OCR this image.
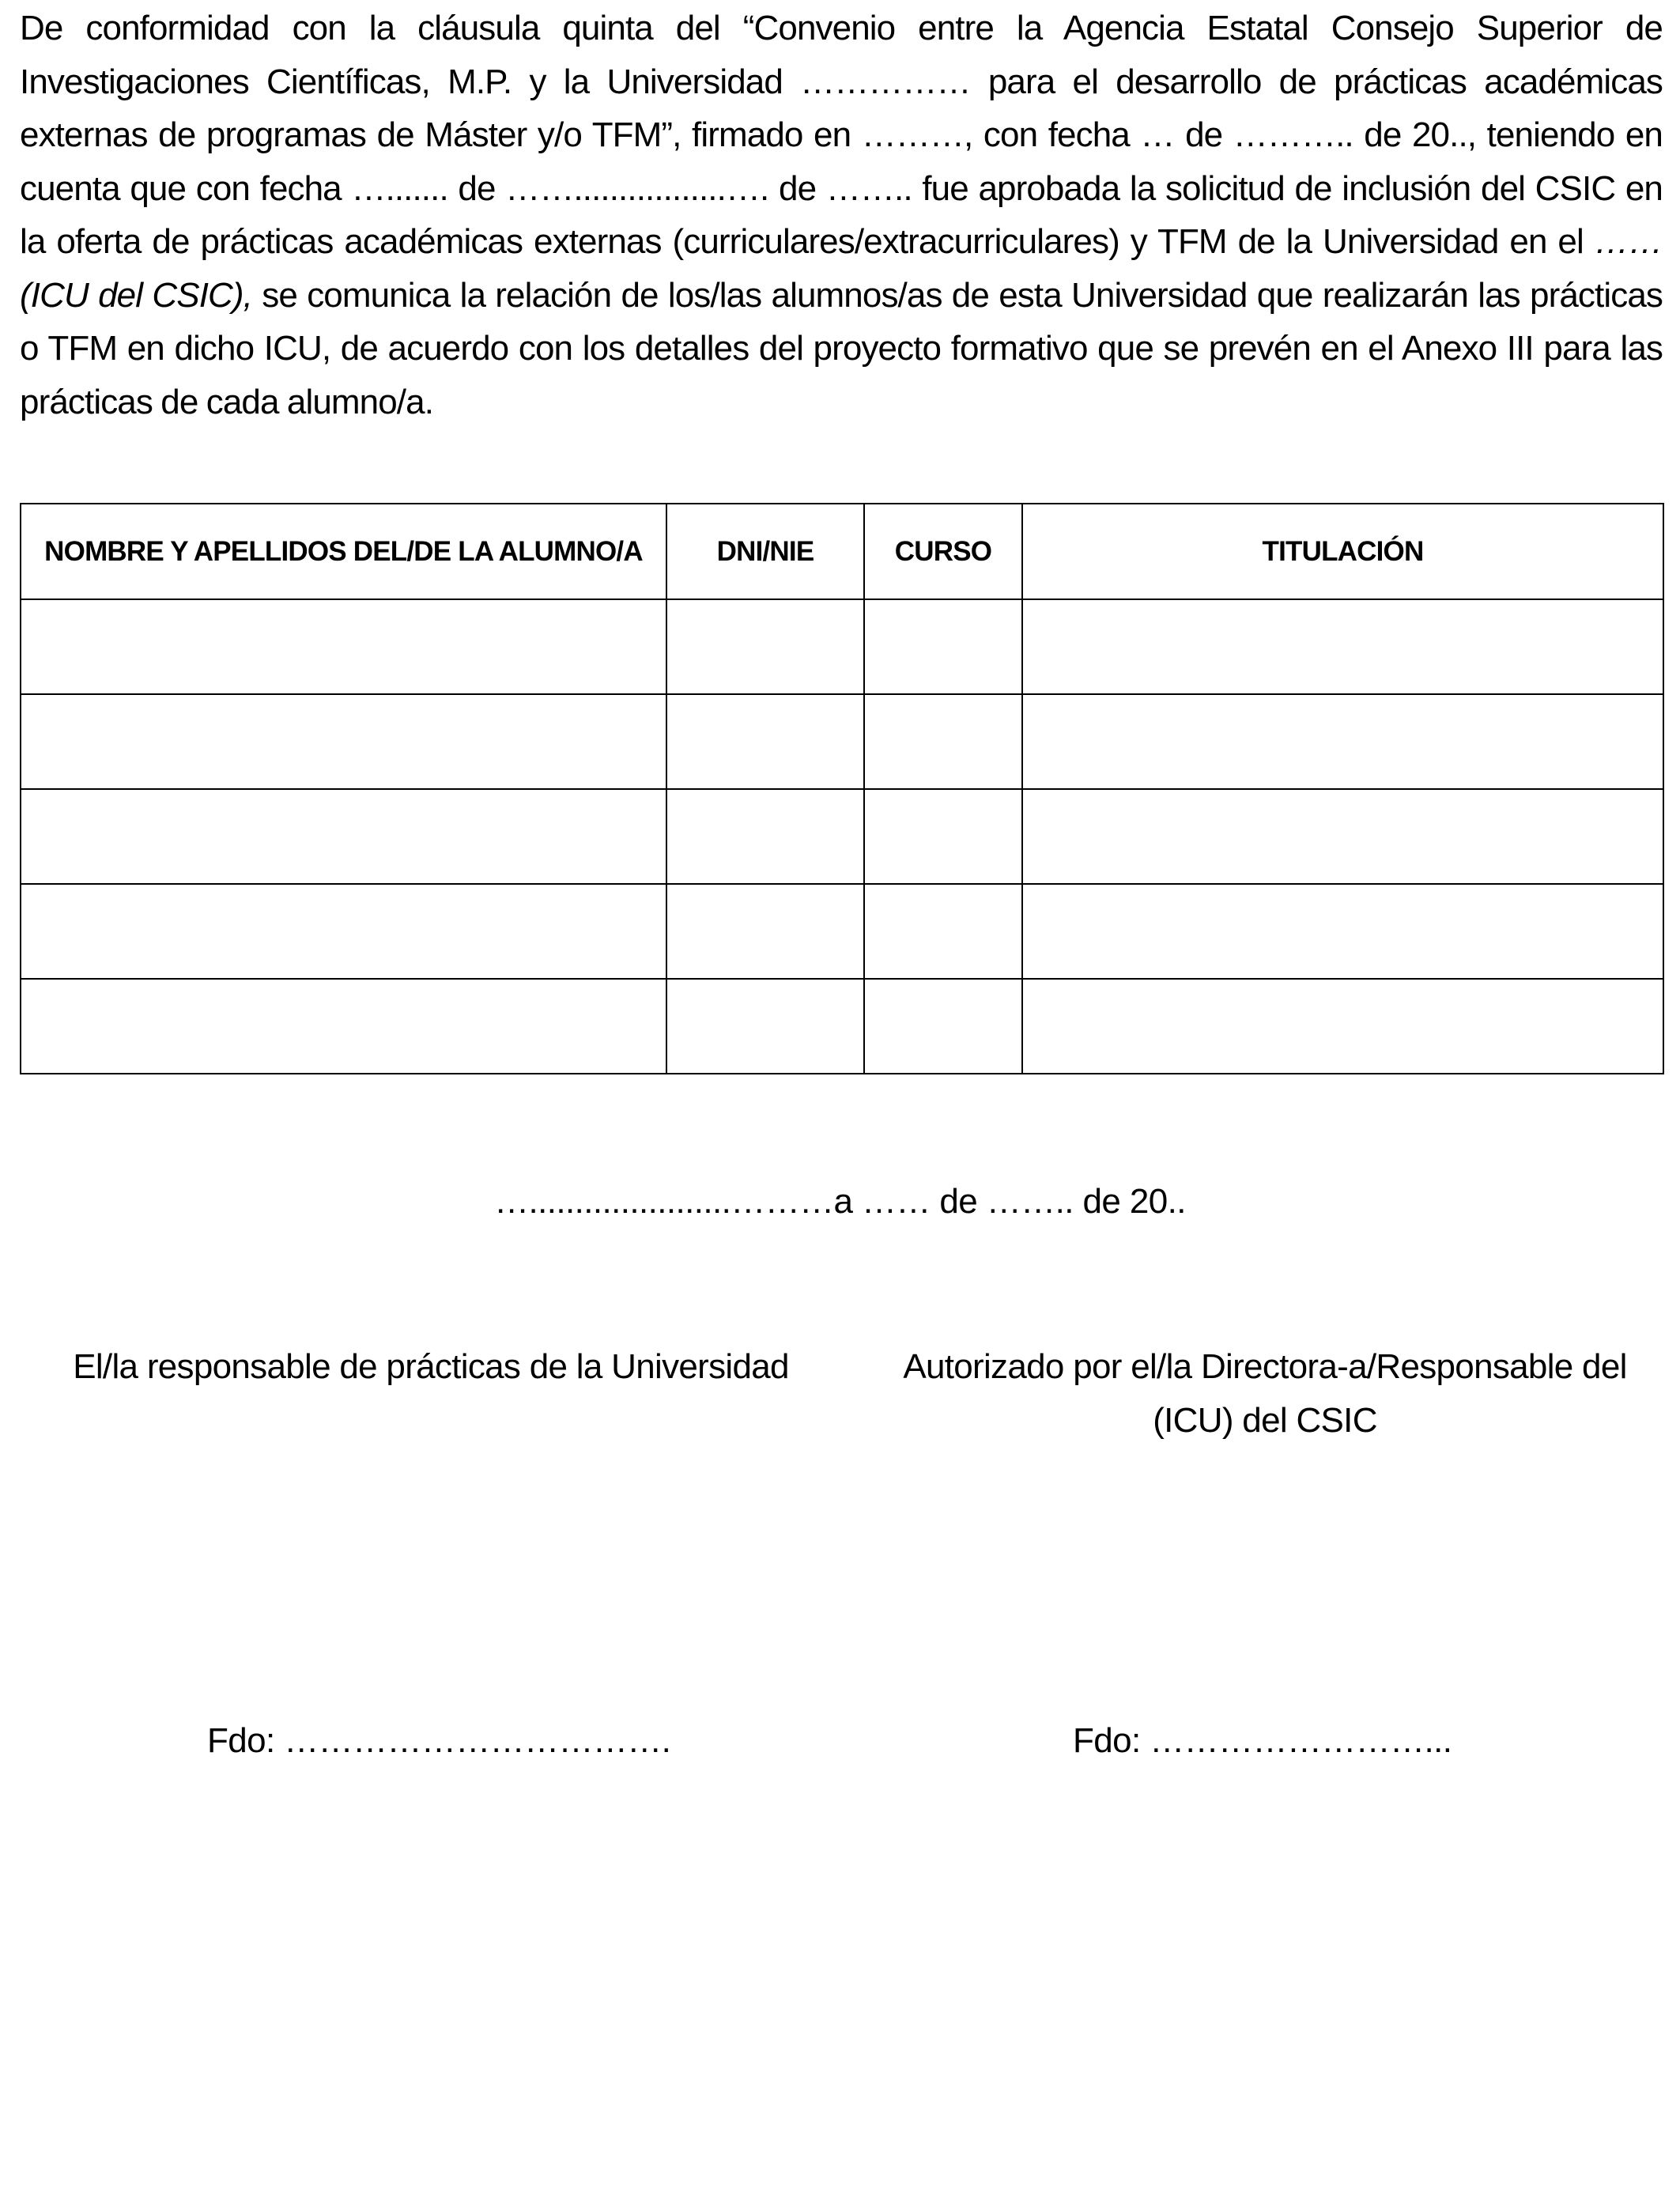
De conformidad con la cláusula quinta del “Convenio entre la Agencia Estatal Consejo Superior de Investigaciones Científicas, M.P. y la Universidad …………… para el desarrollo de prácticas académicas externas de programas de Máster y/o TFM”, firmado en ………, con fecha … de ……….. de 20.., teniendo en cuenta que con fecha …....... de …….................…. de …….. fue aprobada la solicitud de inclusión del CSIC en la oferta de prácticas académicas externas (curriculares/extracurriculares) y TFM de la Universidad en el …… (ICU del CSIC), se comunica la relación de los/las alumnos/as de esta Universidad que realizarán las prácticas o TFM en dicho ICU, de acuerdo con los detalles del proyecto formativo que se prevén en el Anexo III para las prácticas de cada alumno/a.

NOMBRE Y APELLIDOS DEL/DE LA ALUMNO/A	DNI/NIE	CURSO	TITULACIÓN

…......................………a …… de …….. de 20..
El/la responsable de prácticas de la Universidad	Autorizado por el/la Directora-a/Responsable del
(ICU) del CSIC
Fdo: …………………………….	Fdo: ……………………...
